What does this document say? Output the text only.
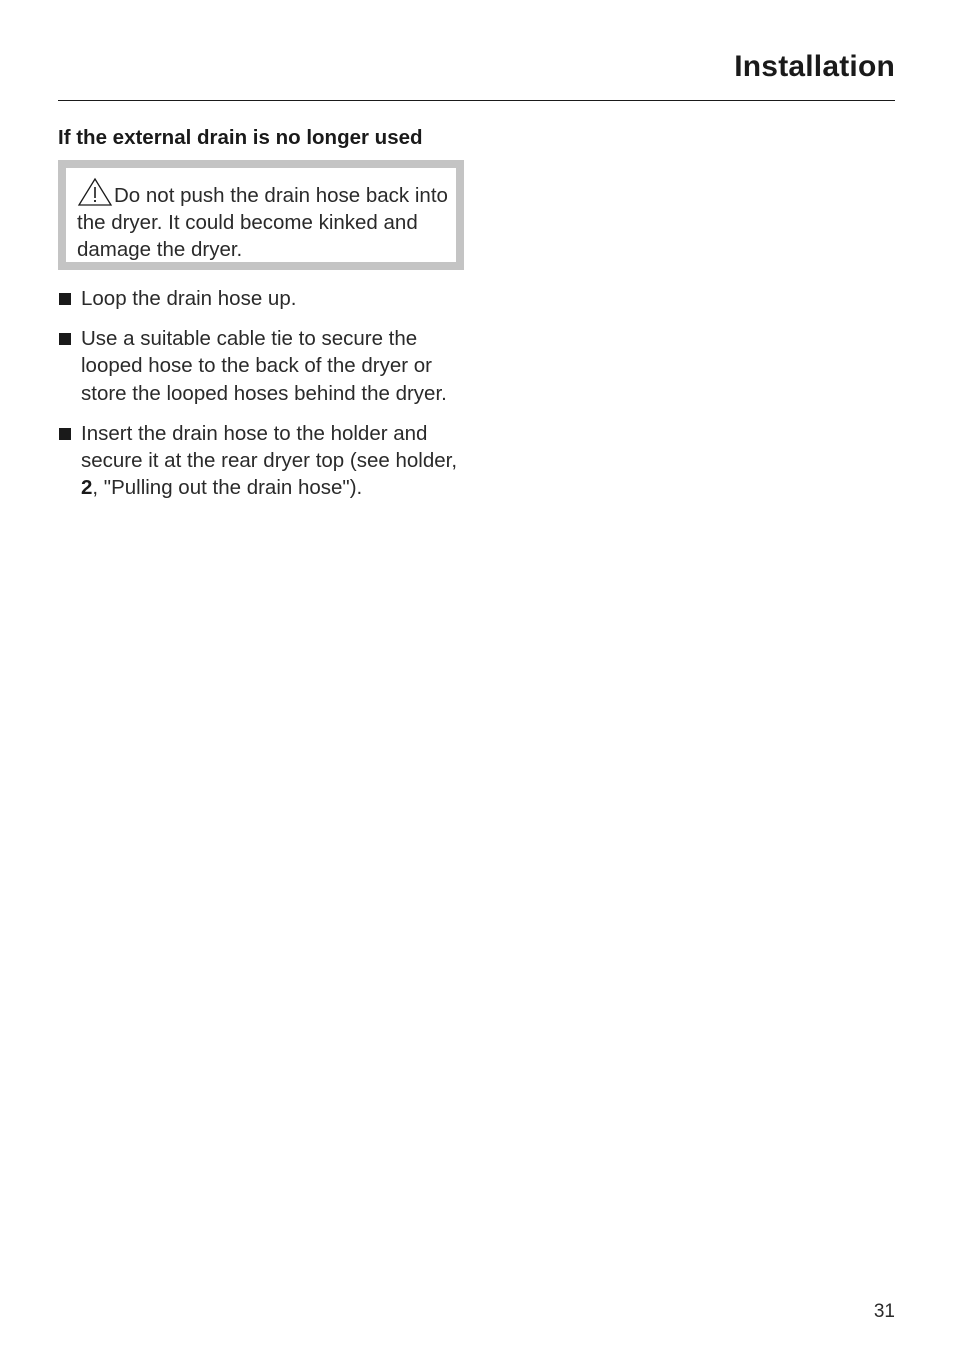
Installation
If the external drain is no longer used
Do not push the drain hose back into the dryer. It could become kinked and damage the dryer.
Loop the drain hose up.
Use a suitable cable tie to secure the looped hose to the back of the dryer or store the looped hoses behind the dryer.
Insert the drain hose to the holder and secure it at the rear dryer top (see holder, 2, "Pulling out the drain hose").
31
